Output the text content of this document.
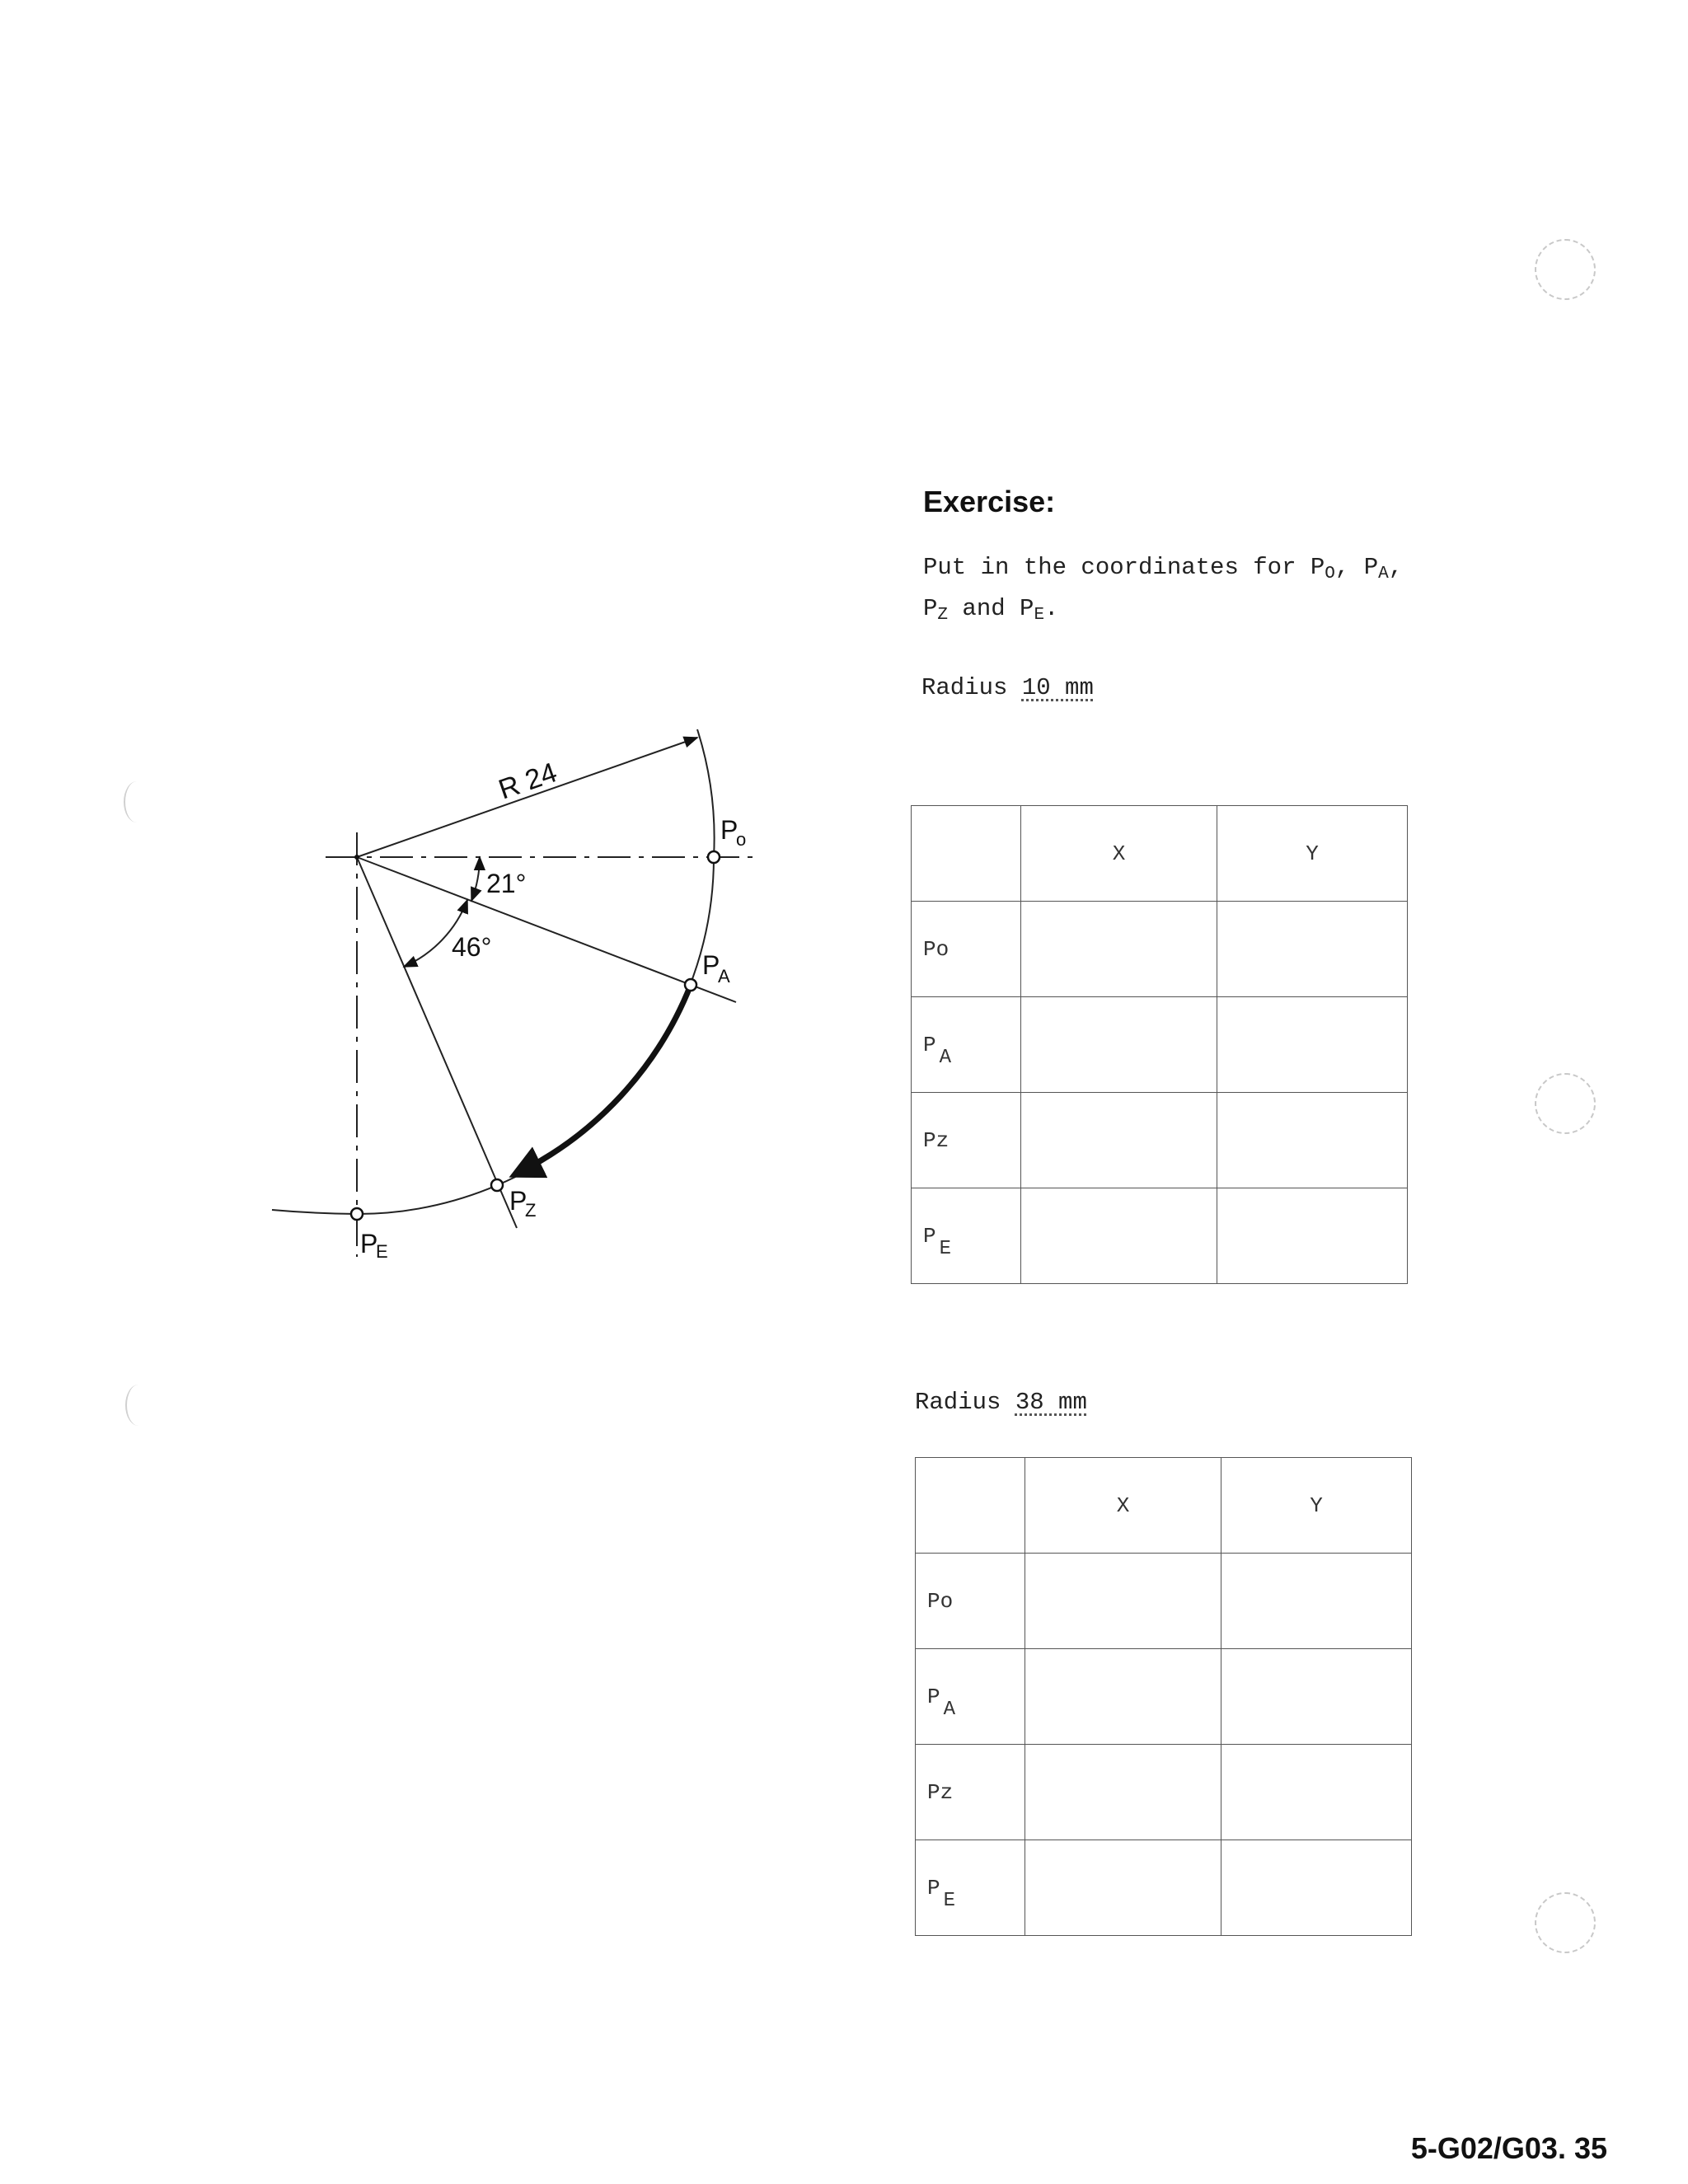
R 24
21°
46°
P
o
P
A
P
Z
P
E
Exercise:

Put in the coordinates for $P_O$, $P_A$,
$P_Z$ and $P_E$.

Radius 10 mm

	X	Y
Po		
PA		
Pz		
PE		

Radius 38 mm

	X	Y
Po		
PA		
Pz		
PE		

5-G02/G03. 35
